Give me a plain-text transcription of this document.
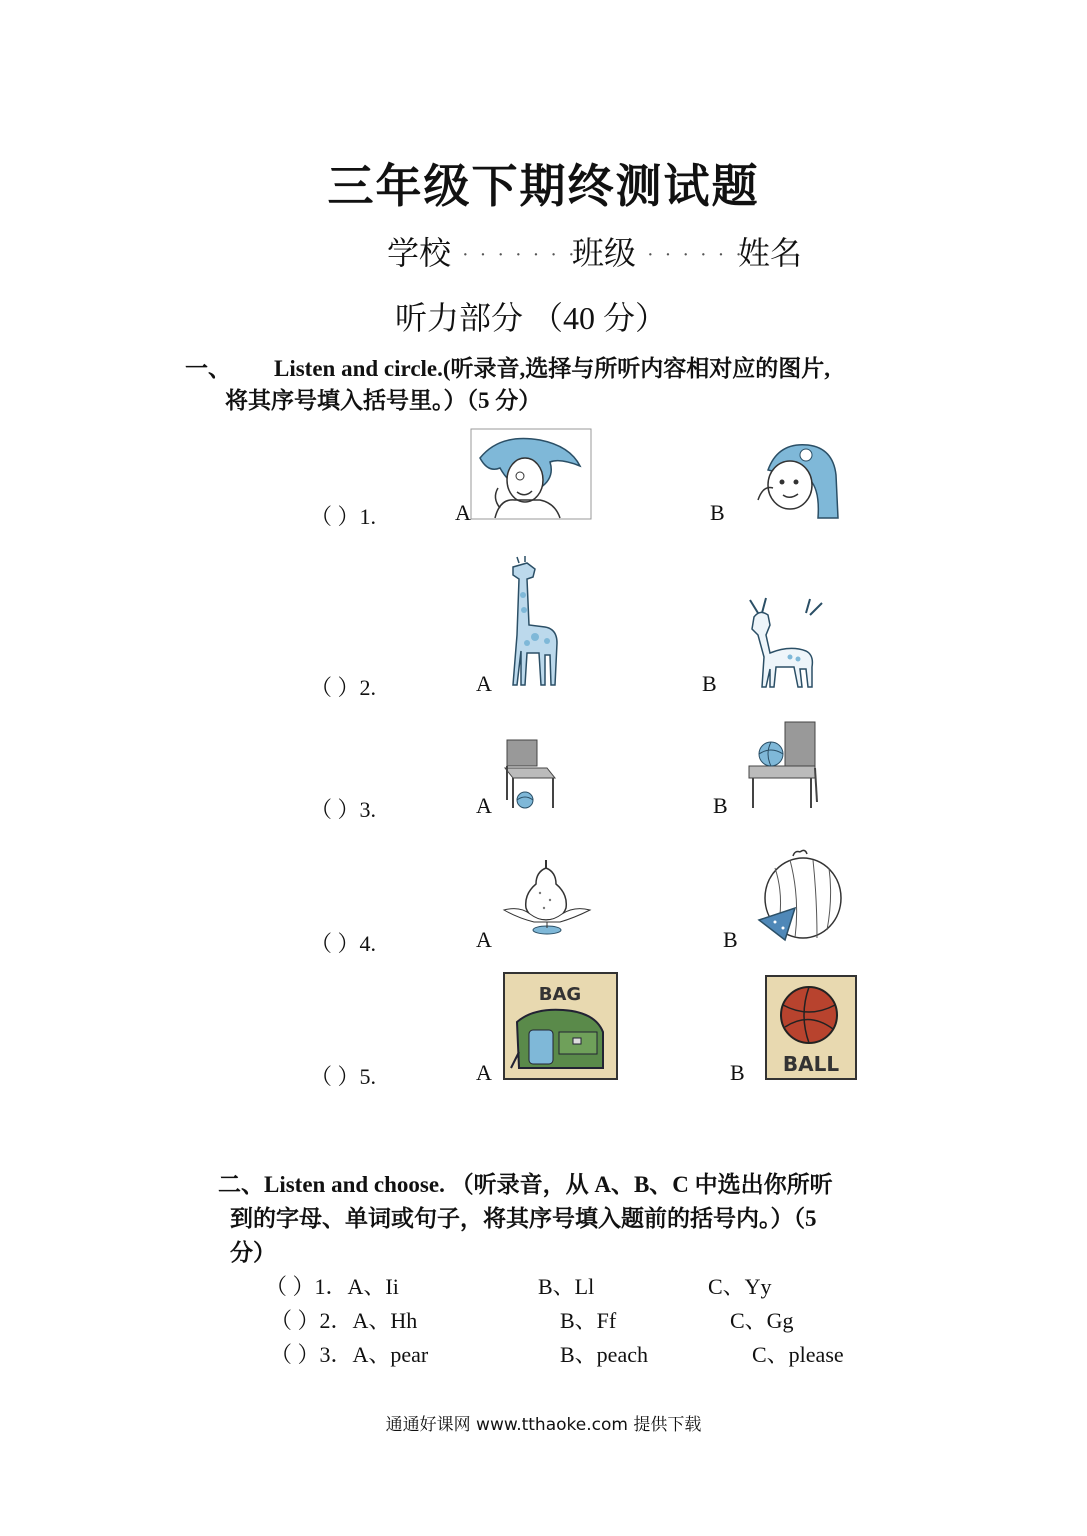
三年级下期终测试题
学校 · · · · · · ·
班级 · · · · · · ·
姓名
听力部分 （40 分）
一、 Listen and circle.(听录音,选择与所听内容相对应的图片,
将其序号填入括号里。）（5 分）
（ ）1.	A	B
（ ）2.	A	B
（ ）3.	A	B
（ ）4.	A	B
（ ）5.	A	B
BAG
BALL
二、Listen and choose. （听录音，从 A、B、C 中选出你所听
到的字母、单词或句子，将其序号填入题前的括号内。）（5
分）
（ ）1．A、Ii	B、Ll	C、Yy
（ ）2．A、Hh	B、Ff	C、Gg
（ ）3．A、pear	B、peach	C、please
通通好课网 www.tthaoke.com 提供下载
